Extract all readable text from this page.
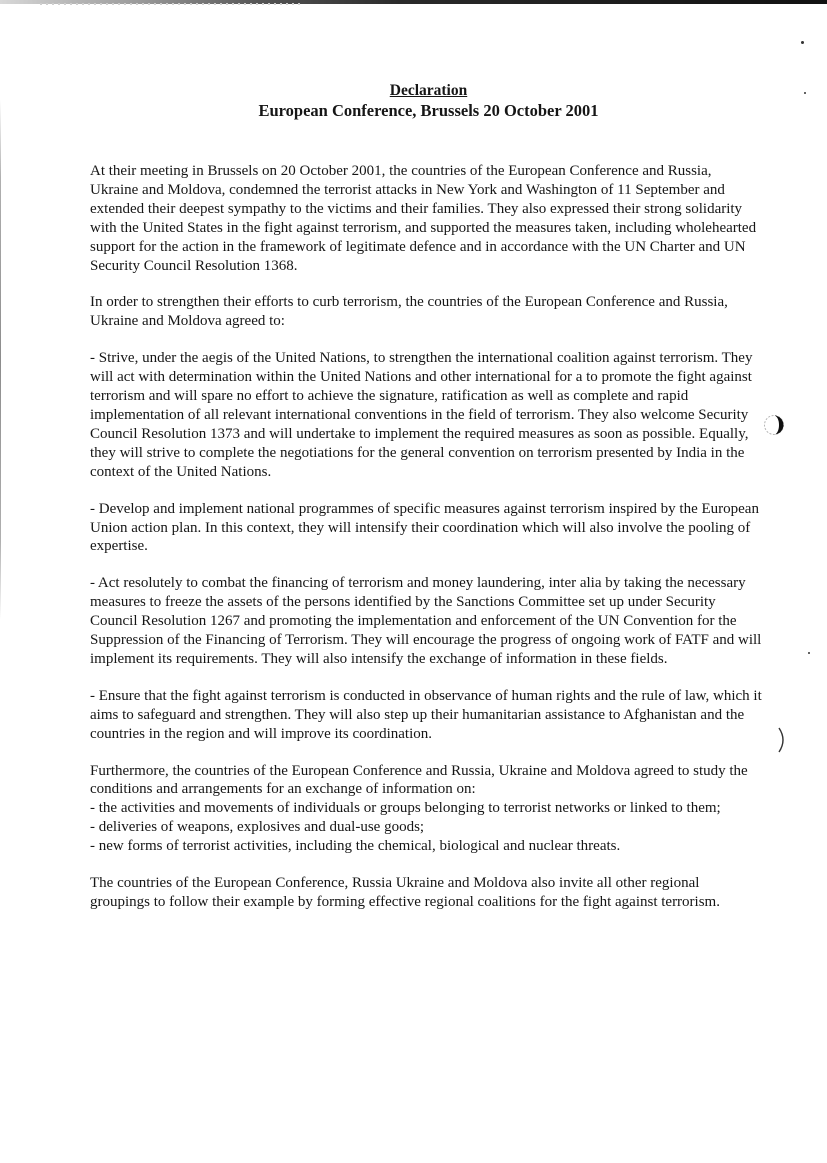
Declaration
European Conference, Brussels 20 October 2001

At their meeting in Brussels on 20 October 2001, the countries of the European Conference and Russia, Ukraine and Moldova, condemned the terrorist attacks in New York and Washington of 11 September and extended their deepest sympathy to the victims and their families. They also expressed their strong solidarity with the United States in the fight against terrorism, and supported the measures taken, including wholehearted support for the action in the framework of legitimate defence and in accordance with the UN Charter and UN Security Council Resolution 1368.

In order to strengthen their efforts to curb terrorism, the countries of the European Conference and Russia, Ukraine and Moldova agreed to:

- Strive, under the aegis of the United Nations, to strengthen the international coalition against terrorism. They will act with determination within the United Nations and other international for a to promote the fight against terrorism and will spare no effort to achieve the signature, ratification as well as complete and rapid implementation of all relevant international conventions in the field of terrorism. They also welcome Security Council Resolution 1373 and will undertake to implement the required measures as soon as possible. Equally, they will strive to complete the negotiations for the general convention on terrorism presented by India in the context of the United Nations.

- Develop and implement national programmes of specific measures against terrorism inspired by the European Union action plan. In this context, they will intensify their coordination which will also involve the pooling of expertise.

- Act resolutely to combat the financing of terrorism and money laundering, inter alia by taking the necessary measures to freeze the assets of the persons identified by the Sanctions Committee set up under Security Council Resolution 1267 and promoting the implementation and enforcement of the UN Convention for the Suppression of the Financing of Terrorism. They will encourage the progress of ongoing work of FATF and will implement its requirements. They will also intensify the exchange of information in these fields.

- Ensure that the fight against terrorism is conducted in observance of human rights and the rule of law, which it aims to safeguard and strengthen. They will also step up their humanitarian assistance to Afghanistan and the countries in the region and will improve its coordination.

Furthermore, the countries of the European Conference and Russia, Ukraine and Moldova agreed to study the conditions and arrangements for an exchange of information on:
- the activities and movements of individuals or groups belonging to terrorist networks or linked to them;
- deliveries of weapons, explosives and dual-use goods;
- new forms of terrorist activities, including the chemical, biological and nuclear threats.

The countries of the European Conference, Russia Ukraine and Moldova also invite all other regional groupings to follow their example by forming effective regional coalitions for the fight against terrorism.
